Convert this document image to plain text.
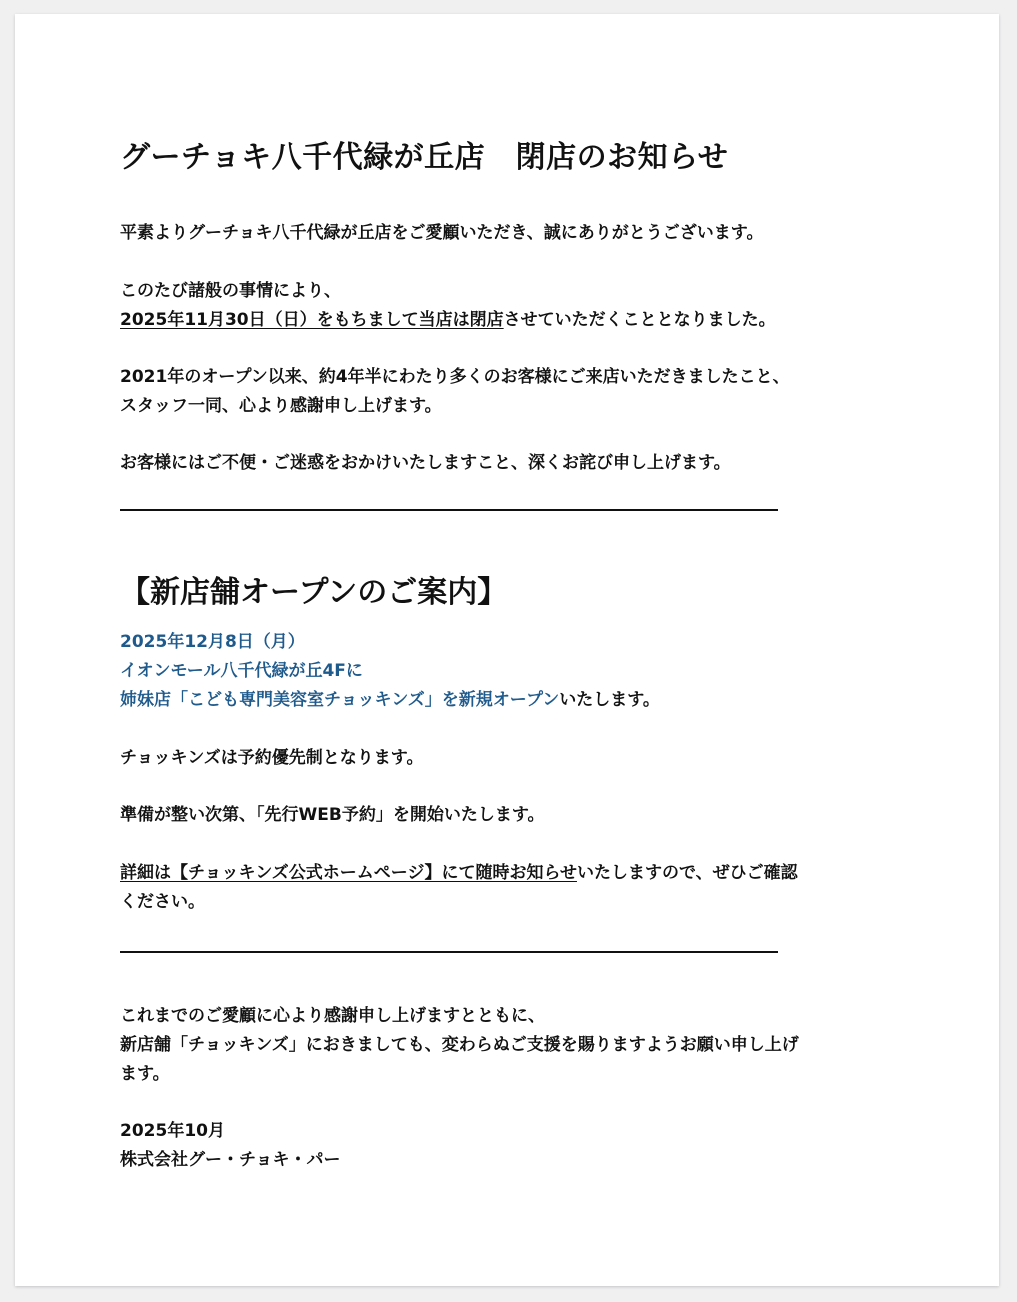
グーチョキ八千代緑が丘店　閉店のお知らせ
平素よりグーチョキ八千代緑が丘店をご愛顧いただき、誠にありがとうございます。
このたび諸般の事情により、
2025年11月30日（日）をもちまして当店は閉店させていただくこととなりました。
2021年のオープン以来、約4年半にわたり多くのお客様にご来店いただきましたこと、
スタッフ一同、心より感謝申し上げます。
お客様にはご不便・ご迷惑をおかけいたしますこと、深くお詫び申し上げます。
【新店舗オープンのご案内】
2025年12月8日（月）
イオンモール八千代緑が丘4Fに
姉妹店「こども専門美容室チョッキンズ」を新規オープンいたします。
チョッキンズは予約優先制となります。
準備が整い次第、「先行WEB予約」を開始いたします。
詳細は【チョッキンズ公式ホームページ】にて随時お知らせいたしますので、ぜひご確認
ください。
これまでのご愛顧に心より感謝申し上げますとともに、
新店舗「チョッキンズ」におきましても、変わらぬご支援を賜りますようお願い申し上げ
ます。
2025年10月
株式会社グー・チョキ・パー
